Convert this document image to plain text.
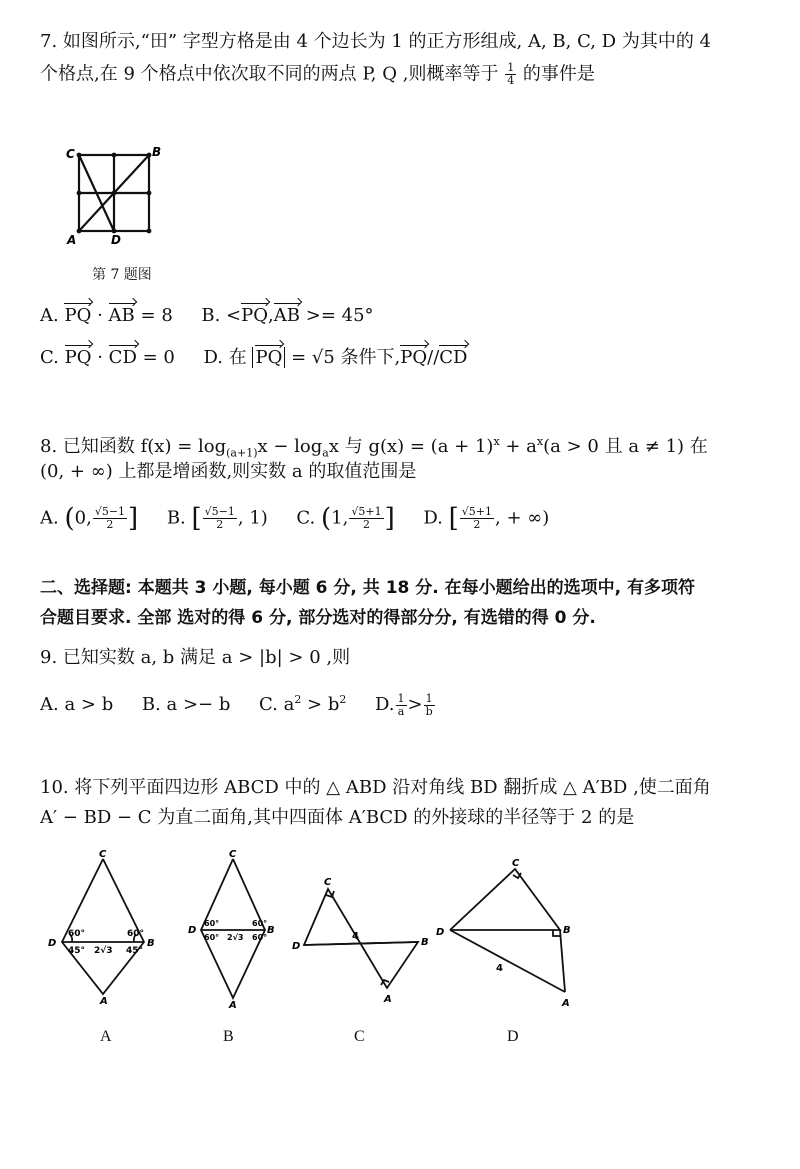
7. 如图所示,“田” 字型方格是由 4 个边长为 1 的正方形组成, A, B, C, D 为其中的 4
个格点,在 9 个格点中依次取不同的两点 P, Q ,则概率等于 $\frac{1}{4}$ 的事件是
C	B
A	D
第 7 题图
A. PQ · AB = 8 B. <PQ,AB >= 45°
C. PQ · CD = 0 D. 在 PQ = √5 条件下,PQ//CD
8. 已知函数 $f(x) = \log_{(a+1)}x - \log_ax$ 与 $g(x) = (a + 1)^x + a^x(a > 0$ 且 a ≠ 1) 在
(0, + ∞) 上都是增函数,则实数 a 的取值范围是
A. (0, $\frac{√5-1}{2}$ ] B. [ $\frac{√5-1}{2}$ , 1) C. (1, $\frac{√5+1}{2}$ ] D. [ $\frac{√5+1}{2}$ , + ∞)
二、选择题: 本题共 3 小题, 每小题 6 分, 共 18 分. 在每小题给出的选项中, 有多项符
合题目要求. 全部 选对的得 6 分, 部分选对的得部分分, 有选错的得 0 分.
9. 已知实数 a, b 满足 a > |b| > 0 ,则
A. a > b B. a >− b C. $a^2 > b^2$ D. $\frac{1}{a} > \frac{1}{b}$
10. 将下列平面四边形 ABCD 中的 △ ABD 沿对角线 BD 翻折成 △ A′BD ,使二面角
A′ − BD − C 为直二面角,其中四面体 A′BCD 的外接球的半径等于 2 的是
C
D	B
A
60°	60°
45°	45°
2√3
C
D	B
A
60°	60°
60°	60°
2√3
C
D	B
A
4
C
D	B
A
4
A	B	C	D
